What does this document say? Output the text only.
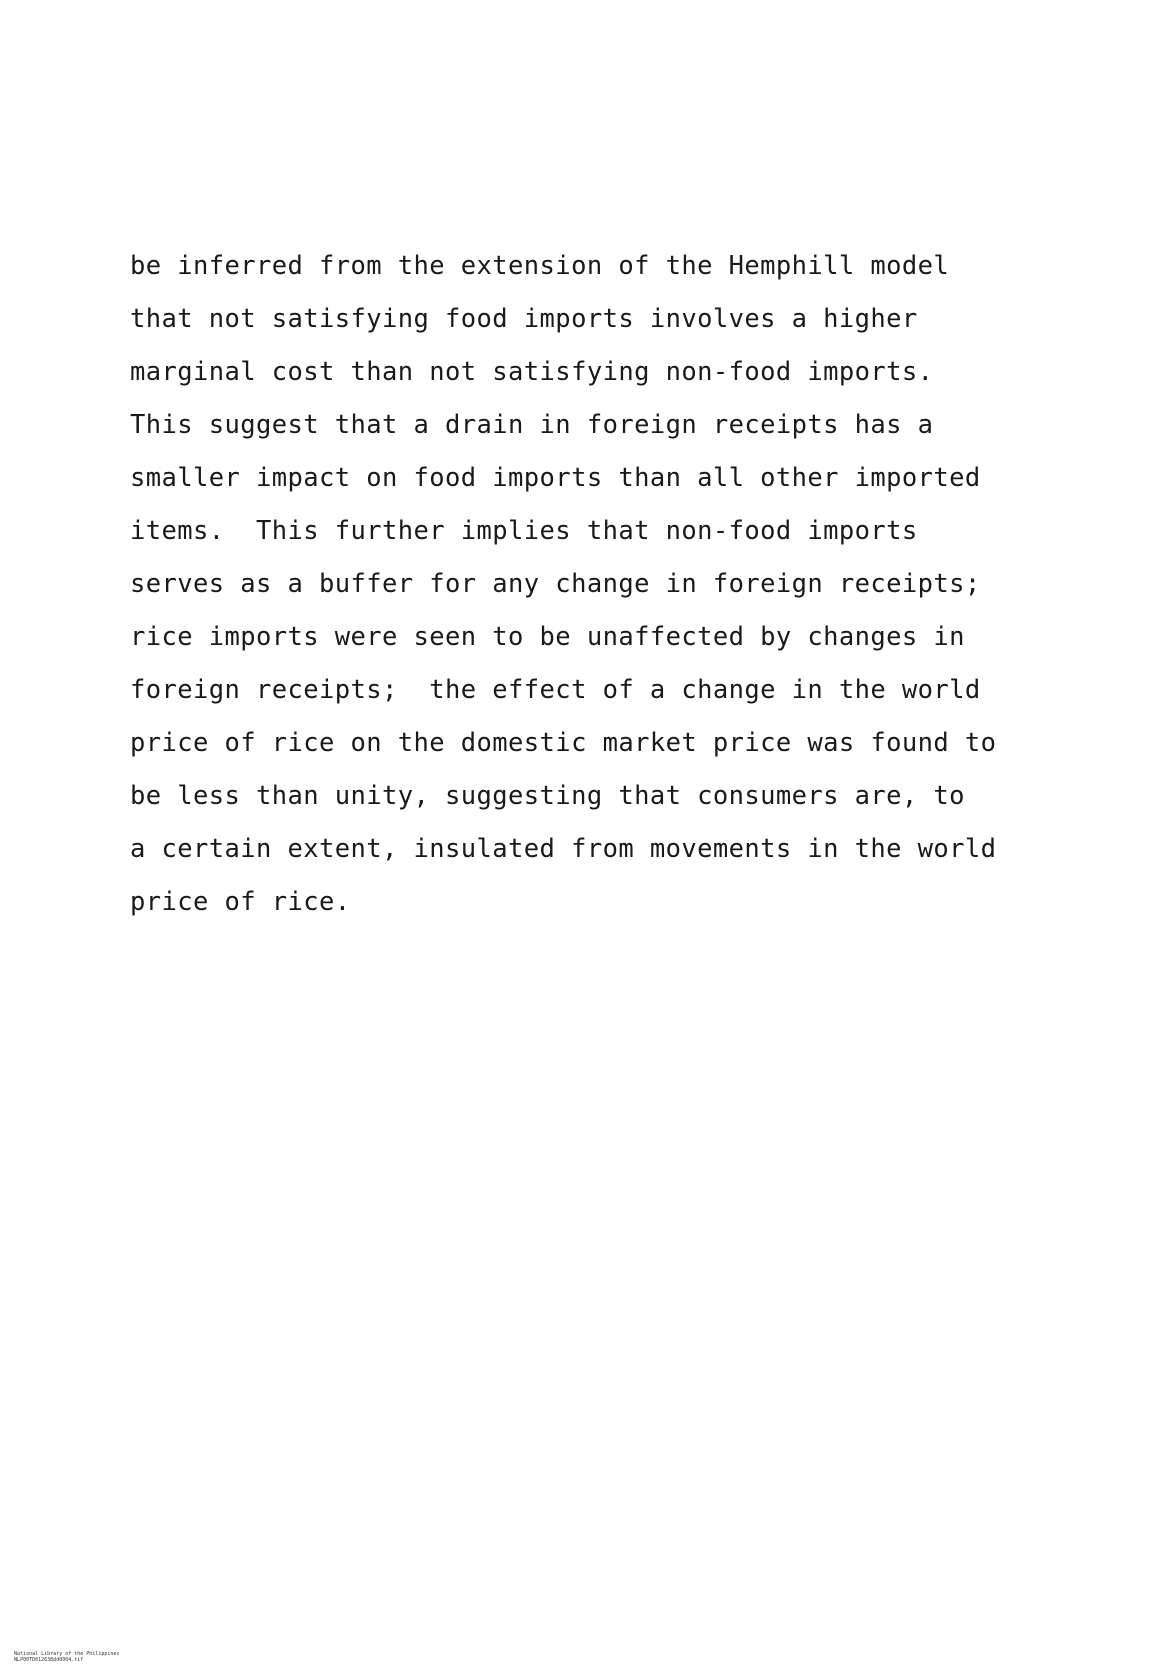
be inferred from the extension of the Hemphill model
that not satisfying food imports involves a higher
marginal cost than not satisfying non-food imports.
This suggest that a drain in foreign receipts has a
smaller impact on food imports than all other imported
items.  This further implies that non-food imports
serves as a buffer for any change in foreign receipts;
rice imports were seen to be unaffected by changes in
foreign receipts;  the effect of a change in the world
price of rice on the domestic market price was found to
be less than unity, suggesting that consumers are, to
a certain extent, insulated from movements in the world
price of rice.

National Library of the Philippines
NLP00TD012638dd0004.tif
